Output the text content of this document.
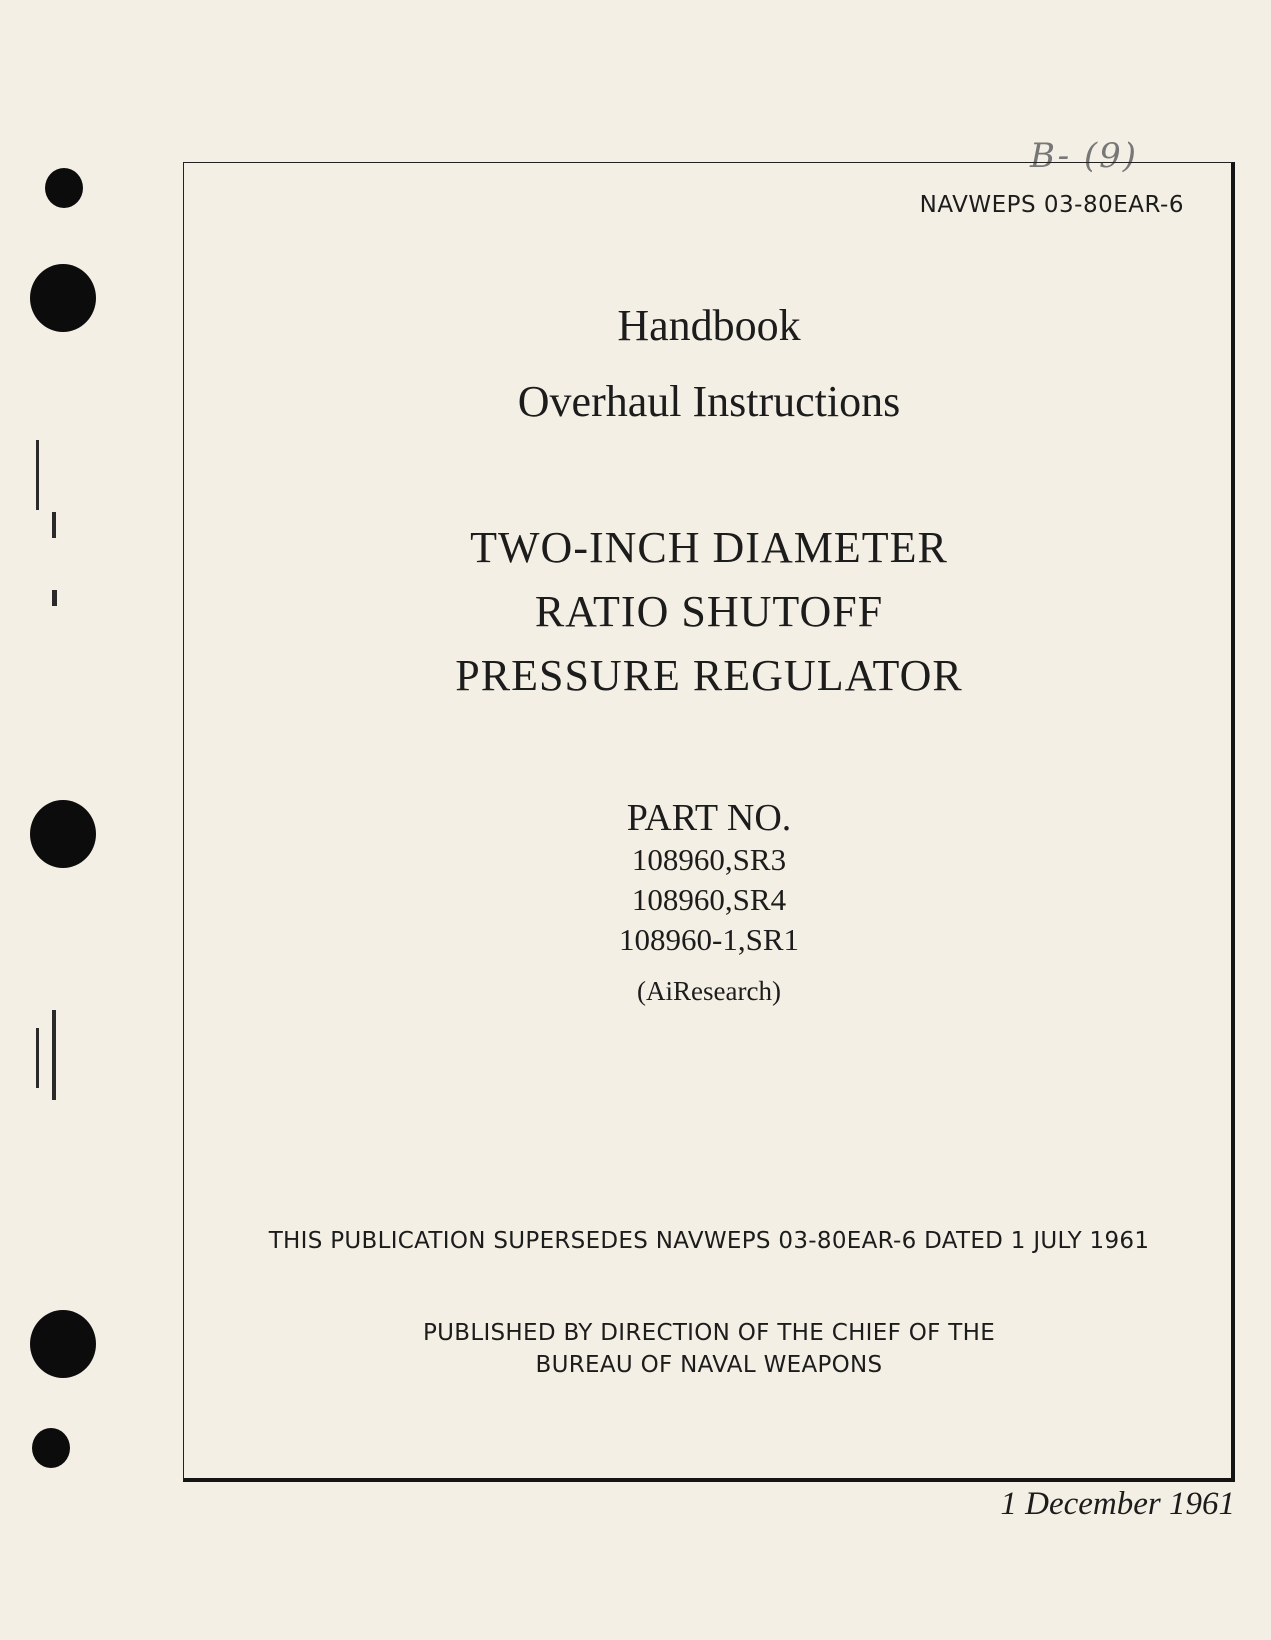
B- (9)
NAVWEPS 03-80EAR-6
Handbook
Overhaul Instructions
TWO-INCH DIAMETER
RATIO SHUTOFF
PRESSURE REGULATOR
PART NO.
108960,SR3
108960,SR4
108960-1,SR1
(AiResearch)
THIS PUBLICATION SUPERSEDES NAVWEPS 03-80EAR-6 DATED 1 JULY 1961
PUBLISHED BY DIRECTION OF THE CHIEF OF THE
BUREAU OF NAVAL WEAPONS
1 December 1961
